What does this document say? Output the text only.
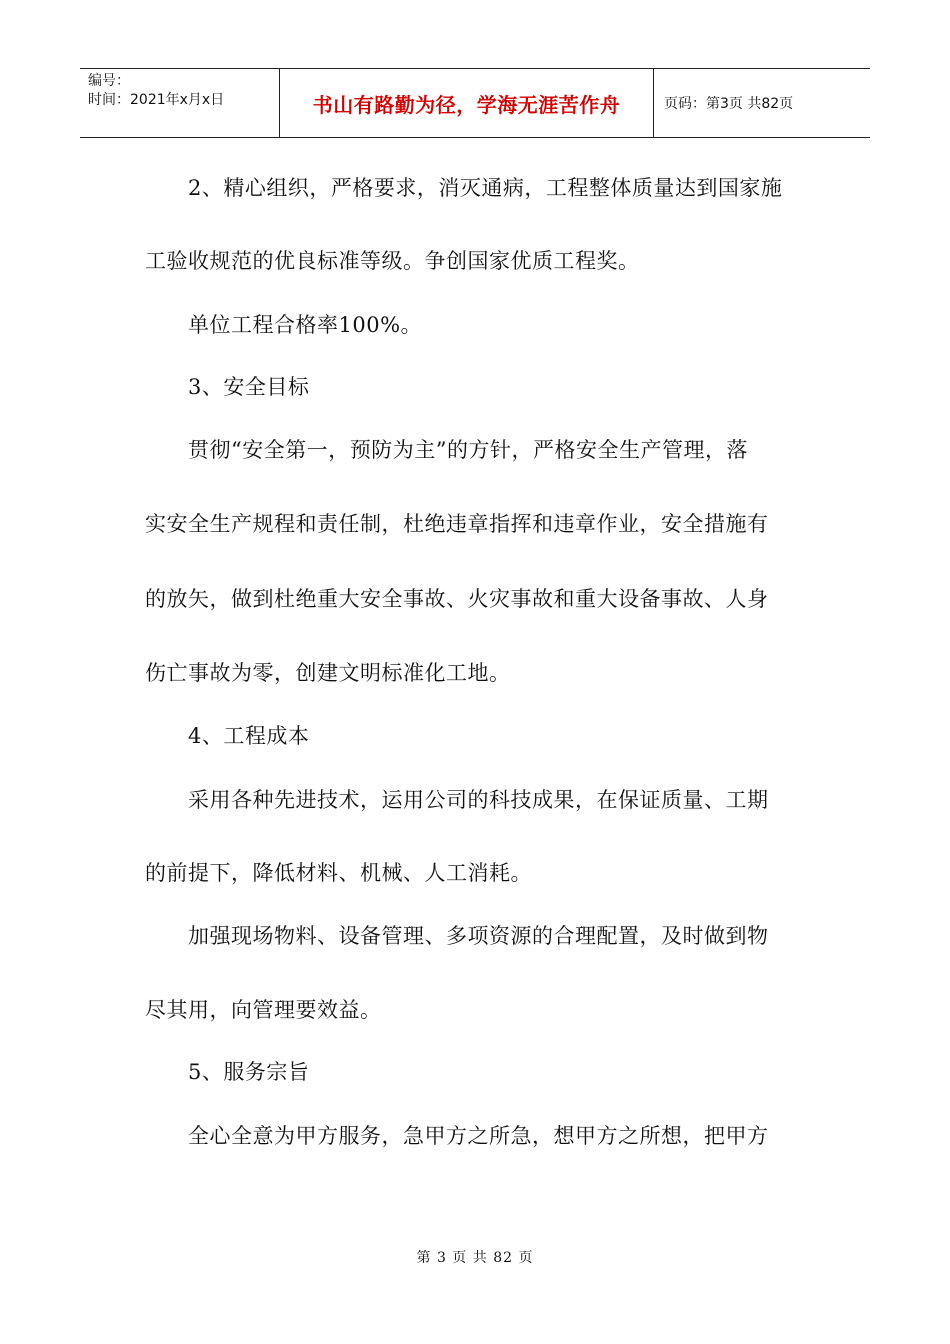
编号：
时间：2021年x月x日	书山有路勤为径，学海无涯苦作舟	页码：第3页 共82页

2、精心组织，严格要求，消灭通病，工程整体质量达到国家施

工验收规范的优良标准等级。争创国家优质工程奖。

单位工程合格率100%。

3、安全目标

贯彻“安全第一，预防为主”的方针，严格安全生产管理，落

实安全生产规程和责任制，杜绝违章指挥和违章作业，安全措施有

的放矢，做到杜绝重大安全事故、火灾事故和重大设备事故、人身

伤亡事故为零，创建文明标准化工地。

4、工程成本

采用各种先进技术，运用公司的科技成果，在保证质量、工期

的前提下，降低材料、机械、人工消耗。

加强现场物料、设备管理、多项资源的合理配置，及时做到物

尽其用，向管理要效益。

5、服务宗旨

全心全意为甲方服务，急甲方之所急，想甲方之所想，把甲方

第 3 页 共 82 页
